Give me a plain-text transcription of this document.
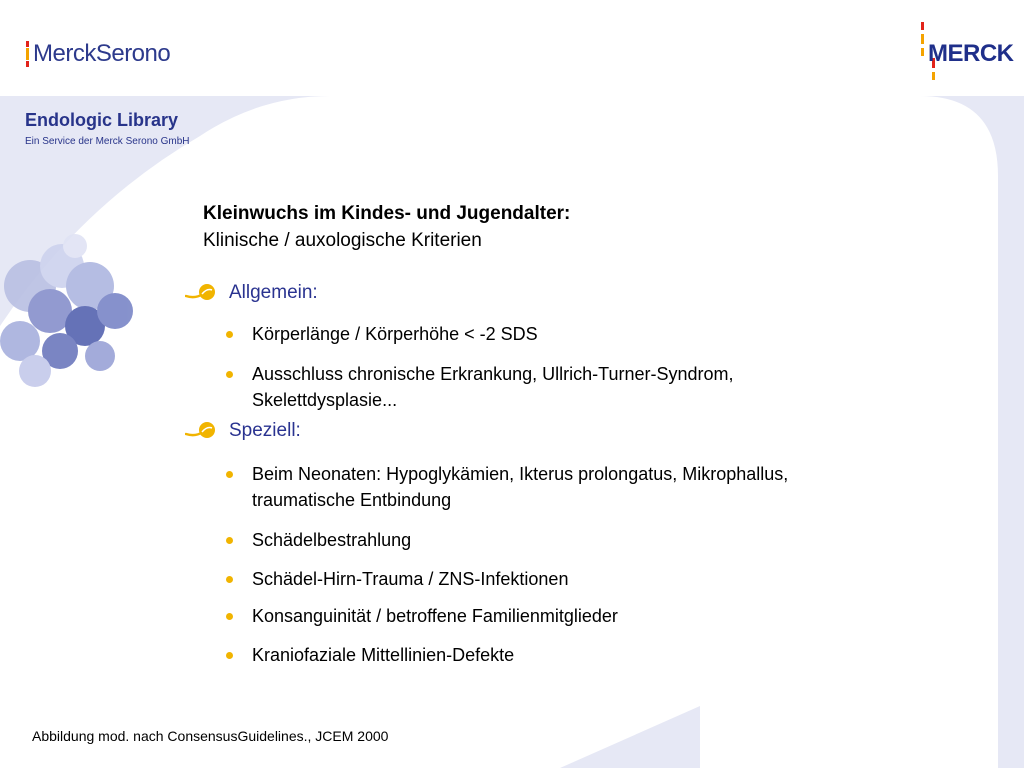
MerckSerono	MERCK
Endologic Library
Ein Service der Merck Serono GmbH
Kleinwuchs im Kindes- und Jugendalter:
Klinische / auxologische Kriterien
Allgemein:
Körperlänge / Körperhöhe < -2 SDS
Ausschluss chronische Erkrankung, Ullrich-Turner-Syndrom,
Skelettdysplasie...
Speziell:
Beim Neonaten: Hypoglykämien, Ikterus prolongatus, Mikrophallus,
traumatische Entbindung
Schädelbestrahlung
Schädel-Hirn-Trauma / ZNS-Infektionen
Konsanguinität / betroffene Familienmitglieder
Kraniofaziale Mittellinien-Defekte
Abbildung mod. nach ConsensusGuidelines., JCEM 2000
